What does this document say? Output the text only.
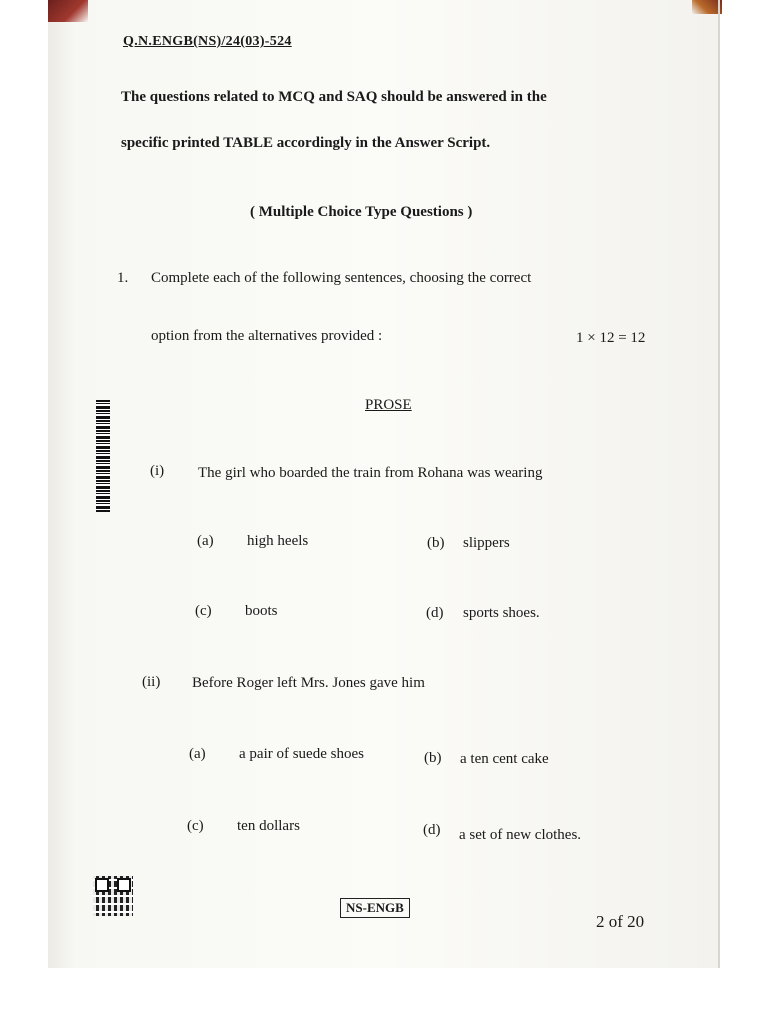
Q.N.ENGB(NS)/24(03)-524
The questions related to MCQ and SAQ should be answered in the
specific printed TABLE accordingly in the Answer Script.
( Multiple Choice Type Questions )
1. Complete each of the following sentences, choosing the correct
option from the alternatives provided :	1 × 12 = 12
PROSE
(i) The girl who boarded the train from Rohana was wearing
(a) high heels	(b) slippers
(c) boots	(d) sports shoes.
(ii) Before Roger left Mrs. Jones gave him
(a) a pair of suede shoes	(b) a ten cent cake
(c) ten dollars	(d) a set of new clothes.
NS-ENGB
2 of 20
